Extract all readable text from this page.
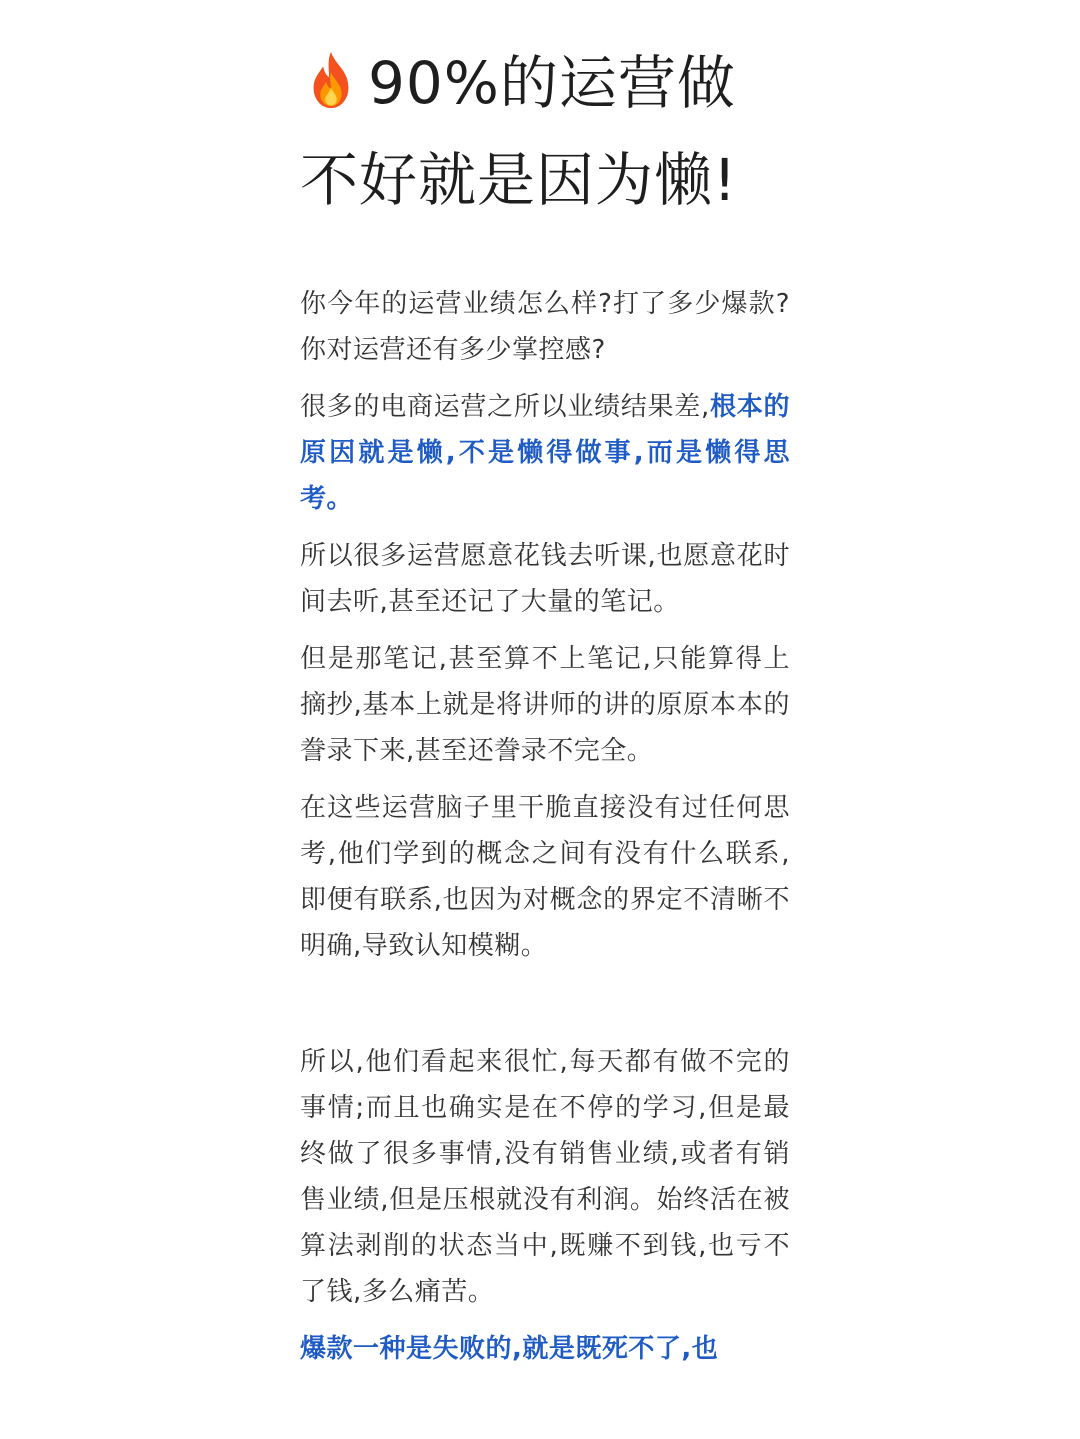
90%的运营做不好就是因为懒!

你今年的运营业绩怎么样?打了多少爆款?你对运营还有多少掌控感?

很多的电商运营之所以业绩结果差,根本的原因就是懒,不是懒得做事,而是懒得思考。

所以很多运营愿意花钱去听课,也愿意花时间去听,甚至还记了大量的笔记。

但是那笔记,甚至算不上笔记,只能算得上摘抄,基本上就是将讲师的讲的原原本本的誊录下来,甚至还誊录不完全。

在这些运营脑子里干脆直接没有过任何思考,他们学到的概念之间有没有什么联系,即便有联系,也因为对概念的界定不清晰不明确,导致认知模糊。

所以,他们看起来很忙,每天都有做不完的事情;而且也确实是在不停的学习,但是最终做了很多事情,没有销售业绩,或者有销售业绩,但是压根就没有利润。始终活在被算法剥削的状态当中,既赚不到钱,也亏不了钱,多么痛苦。

爆款一种是失败的,就是既死不了,也
